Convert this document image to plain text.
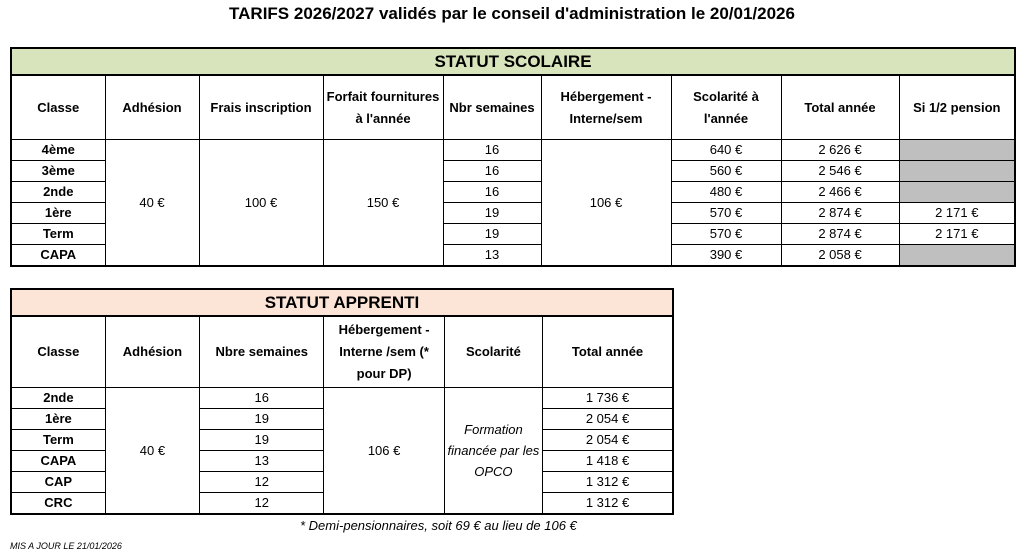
TARIFS 2026/2027 validés par le conseil d'administration le 20/01/2026
STATUT SCOLAIRE								
Classe	Adhésion	Frais inscription	Forfait fournitures à l'année	Nbr semaines	Hébergement - Interne/sem	Scolarité à l'année	Total année	Si 1/2 pension
4ème	40 €	100 €	150 €	16	106 €	640 €	2 626 €	
3ème				16		560 €	2 546 €	
2nde				16		480 €	2 466 €	
1ère				19		570 €	2 874 €	2 171 €
Term				19		570 €	2 874 €	2 171 €
CAPA				13		390 €	2 058 €	
STATUT APPRENTI					
Classe	Adhésion	Nbre semaines	Hébergement - Interne /sem (* pour DP)	Scolarité	Total année
2nde	40 €	16	106 €	Formation financée par les OPCO	1 736 €
1ère		19			2 054 €
Term		19			2 054 €
CAPA		13			1 418 €
CAP		12			1 312 €
CRC		12			1 312 €
* Demi-pensionnaires, soit 69 € au lieu de 106 €
MIS A JOUR LE 21/01/2026
